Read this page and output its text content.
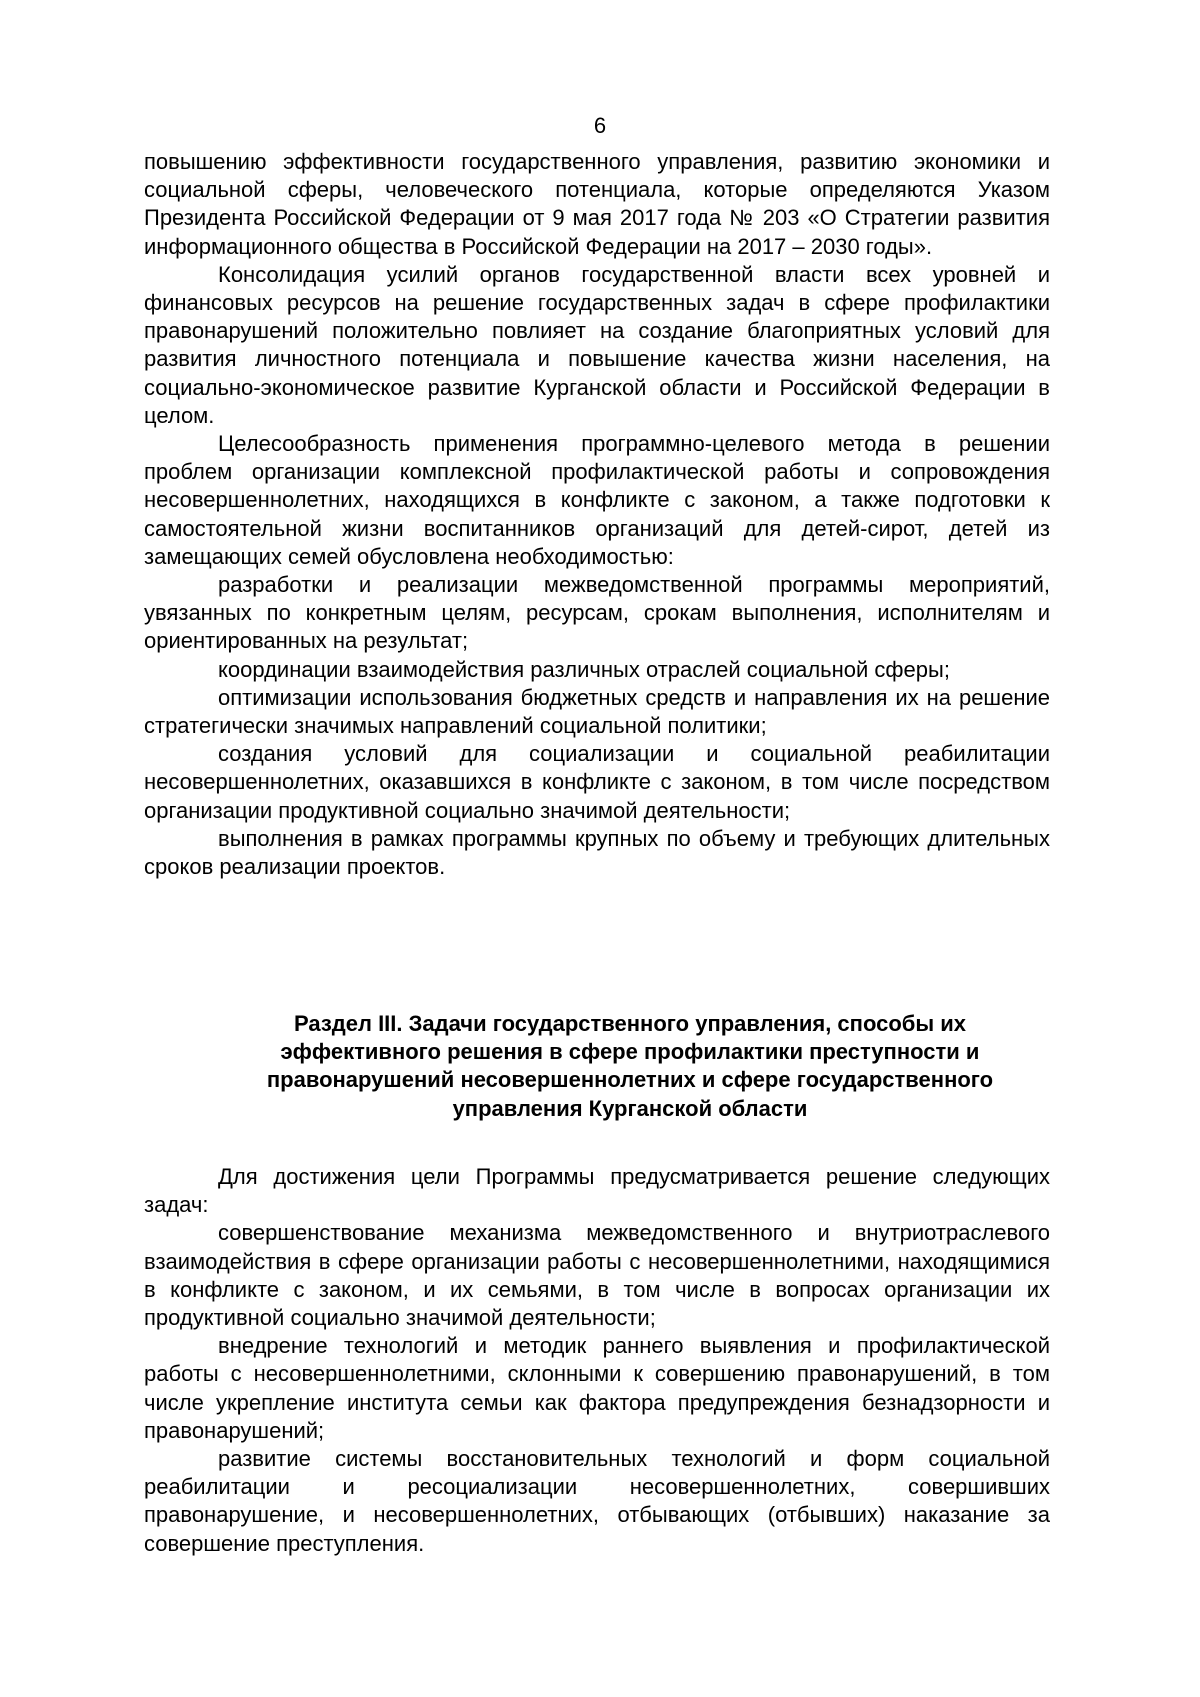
6

повышению эффективности государственного управления, развитию экономики и социальной сферы, человеческого потенциала, которые определяются Указом Президента Российской Федерации от 9 мая 2017 года № 203 «О Стратегии развития информационного общества в Российской Федерации на 2017 – 2030 годы».

Консолидация усилий органов государственной власти всех уровней и финансовых ресурсов на решение государственных задач в сфере профилактики правонарушений положительно повлияет на создание благоприятных условий для развития личностного потенциала и повышение качества жизни населения, на социально-экономическое развитие Курганской области и Российской Федерации в целом.

Целесообразность применения программно-целевого метода в решении проблем организации комплексной профилактической работы и сопровождения несовершеннолетних, находящихся в конфликте с законом, а также подготовки к самостоятельной жизни воспитанников организаций для детей-сирот, детей из замещающих семей обусловлена необходимостью:

разработки и реализации межведомственной программы мероприятий, увязанных по конкретным целям, ресурсам, срокам выполнения, исполнителям и ориентированных на результат;

координации взаимодействия различных отраслей социальной сферы;

оптимизации использования бюджетных средств и направления их на решение стратегически значимых направлений социальной политики;

создания условий для социализации и социальной реабилитации несовершеннолетних, оказавшихся в конфликте с законом, в том числе посредством организации продуктивной социально значимой деятельности;

выполнения в рамках программы крупных по объему и требующих длительных сроков реализации проектов.

Раздел III. Задачи государственного управления, способы их
эффективного решения в сфере профилактики преступности и
правонарушений несовершеннолетних и сфере государственного
управления Курганской области

Для достижения цели Программы предусматривается решение следующих задач:

совершенствование механизма межведомственного и внутриотраслевого взаимодействия в сфере организации работы с несовершеннолетними, находящимися в конфликте с законом, и их семьями, в том числе в вопросах организации их продуктивной социально значимой деятельности;

внедрение технологий и методик раннего выявления и профилактической работы с несовершеннолетними, склонными к совершению правонарушений, в том числе укрепление института семьи как фактора предупреждения безнадзорности и правонарушений;

развитие системы восстановительных технологий и форм социальной реабилитации и ресоциализации несовершеннолетних, совершивших правонарушение, и несовершеннолетних, отбывающих (отбывших) наказание за совершение преступления.
